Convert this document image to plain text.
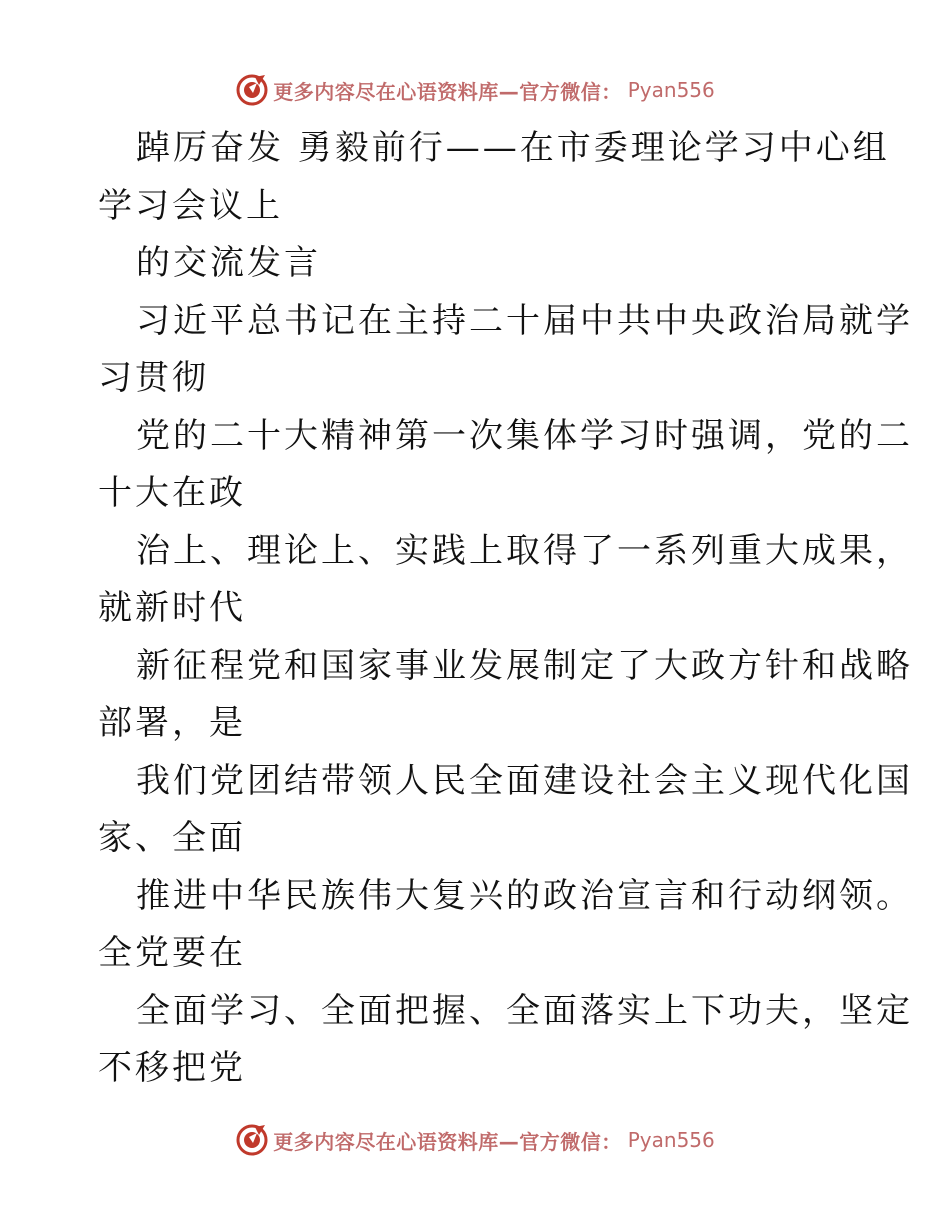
更多内容尽在心语资料库—官方微信： Pyan556
踔厉奋发 勇毅前行——在市委理论学习中心组
学习会议上
的交流发言
习近平总书记在主持二十届中共中央政治局就学
习贯彻
党的二十大精神第一次集体学习时强调，党的二
十大在政
治上、理论上、实践上取得了一系列重大成果，
就新时代
新征程党和国家事业发展制定了大政方针和战略
部署，是
我们党团结带领人民全面建设社会主义现代化国
家、全面
推进中华民族伟大复兴的政治宣言和行动纲领。
全党要在
全面学习、全面把握、全面落实上下功夫，坚定
不移把党
更多内容尽在心语资料库—官方微信： Pyan556
